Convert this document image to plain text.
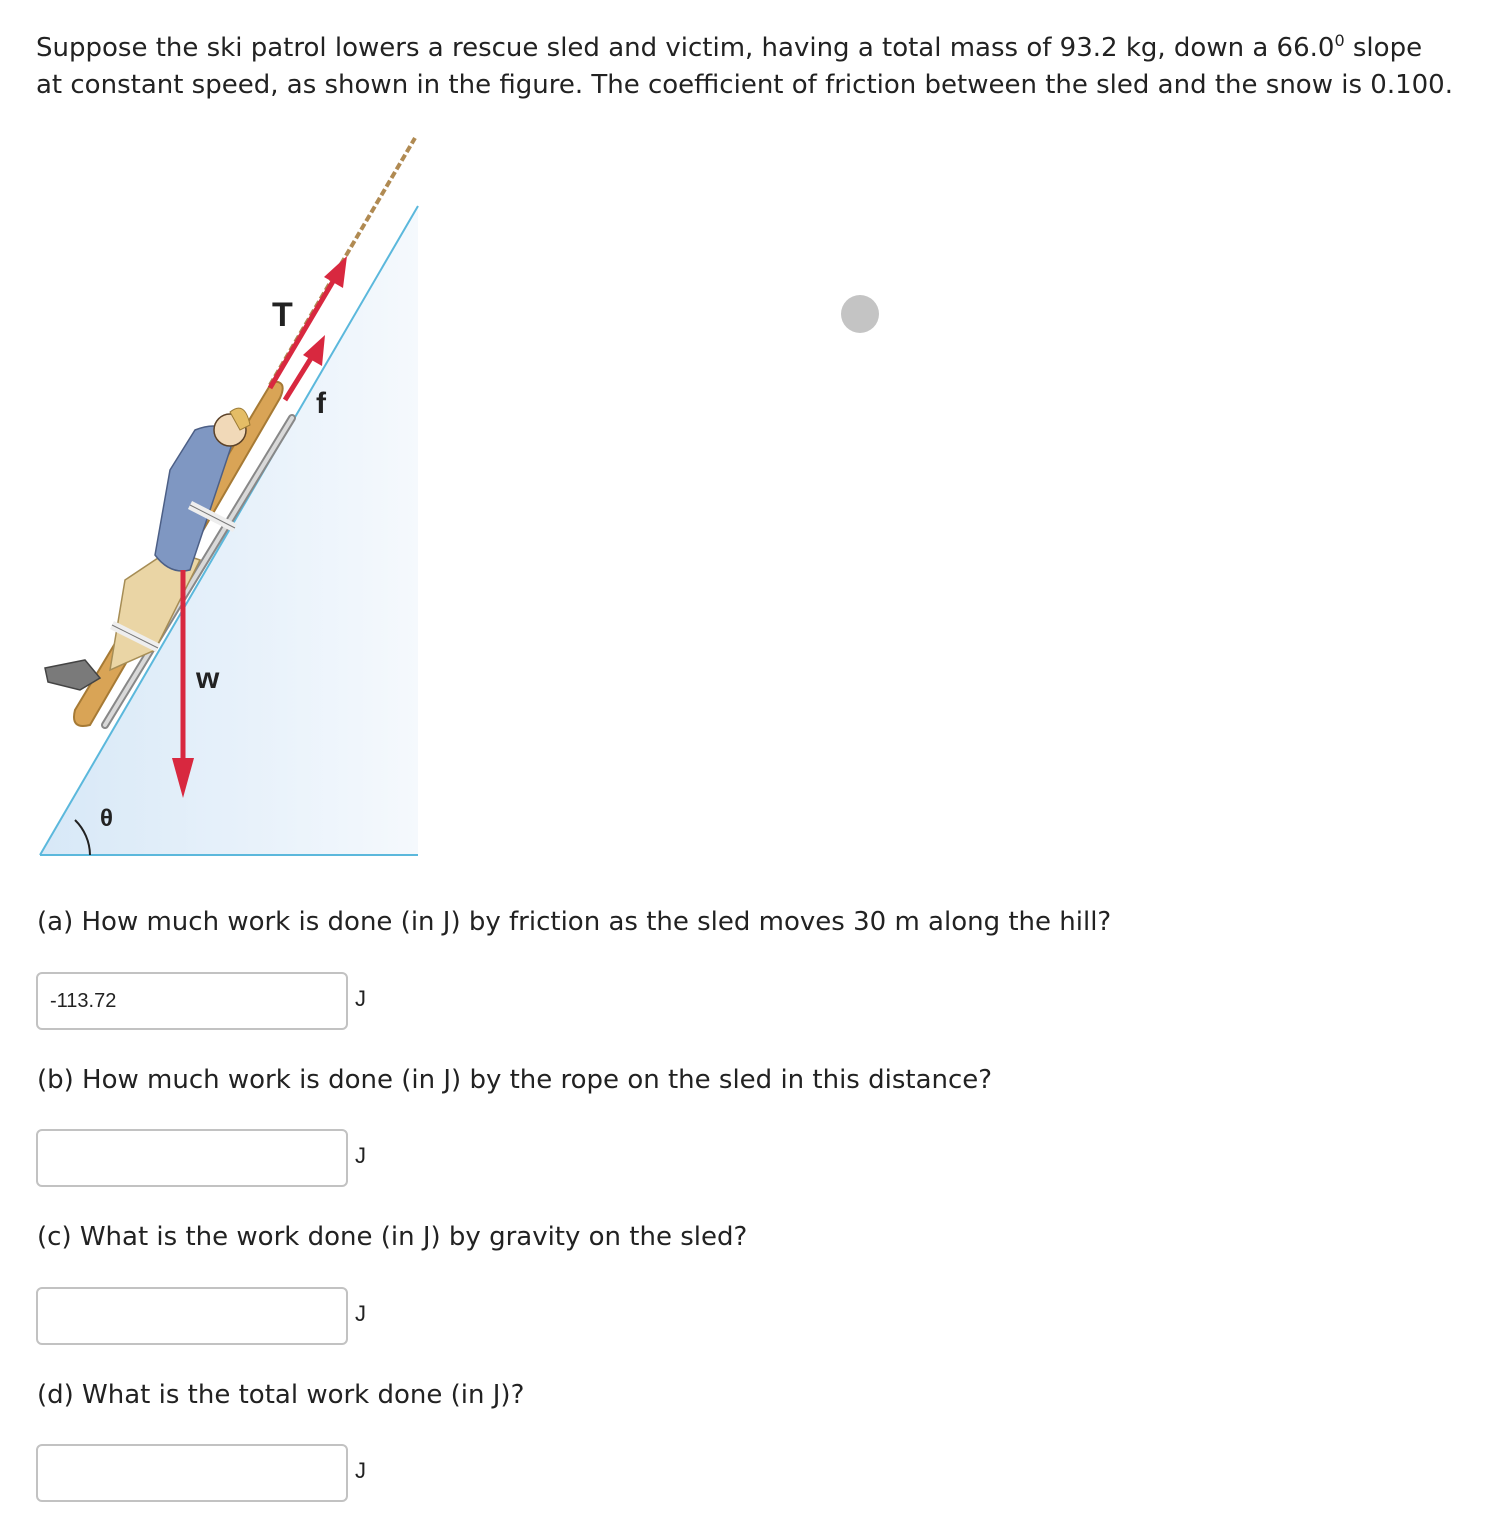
Suppose the ski patrol lowers a rescue sled and victim, having a total mass of 93.2 kg, down a 66.0$^0$ slope at constant speed, as shown in the figure. The coefficient of friction between the sled and the snow is 0.100.

θ
T
f
w

(a) How much work is done (in J) by friction as the sled moves 30 m along the hill?

-113.72
J

(b) How much work is done (in J) by the rope on the sled in this distance?

J

(c) What is the work done (in J) by gravity on the sled?

J

(d) What is the total work done (in J)?

J
